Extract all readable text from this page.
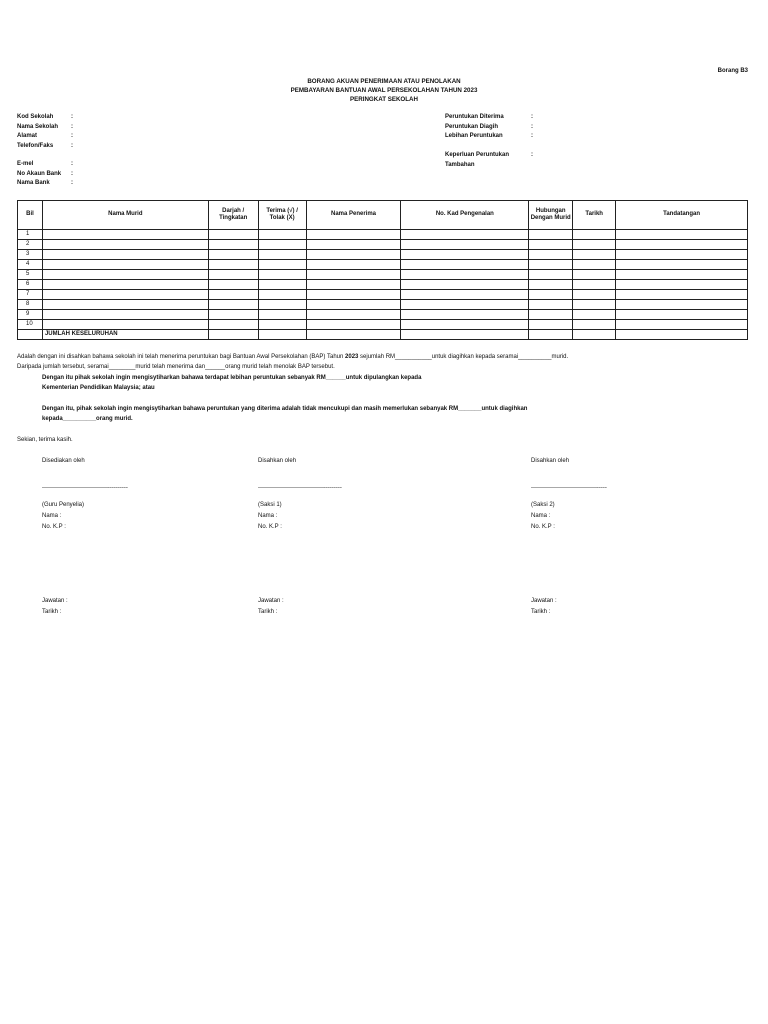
Borang B3
BORANG AKUAN PENERIMAAN ATAU PENOLAKAN
PEMBAYARAN BANTUAN AWAL PERSEKOLAHAN TAHUN 2023
PERINGKAT SEKOLAH
Kod Sekolah	:
Nama Sekolah	:
Alamat	:
Telefon/Faks	:
E-mel	:
No Akaun Bank	:
Nama Bank	:
Peruntukan Diterima	:
Peruntukan Diagih	:
Lebihan Peruntukan	:
Keperluan Peruntukan	:
Tambahan
Bil	Nama Murid	Darjah / Tingkatan	Terima (√) / Tolak (X)	Nama Penerima	No. Kad Pengenalan	Hubungan Dengan Murid	Tarikh	Tandatangan
1								
2								
3								
4								
5								
6								
7								
8								
9								
10								
	JUMLAH KESELURUHAN							
Adalah dengan ini disahkan bahawa sekolah ini telah menerima peruntukan bagi Bantuan Awal Persekolahan (BAP) Tahun 2023 sejumlah RM___________untuk diagihkan kepada seramai__________murid.
Daripada jumlah tersebut, seramai________murid telah menerima dan______orang murid telah menolak BAP tersebut.
Dengan itu pihak sekolah ingin mengisytiharkan bahawa terdapat lebihan peruntukan sebanyak RM______untuk dipulangkan kepada
Kementerian Pendidikan Malaysia; atau
Dengan itu, pihak sekolah ingin mengisytiharkan bahawa peruntukan yang diterima adalah tidak mencukupi dan masih memerlukan sebanyak RM_______untuk diagihkan
kepada__________orang murid.
Sekian, terima kasih.
Disediakan oleh
-------------------------------------------
(Guru Penyelia)
Nama :
No. K.P :
Jawatan :
Tarikh :
Disahkan oleh
------------------------------------------
(Saksi 1)
Nama :
No. K.P :
Jawatan :
Tarikh :
Disahkan oleh
--------------------------------------
(Saksi 2)
Nama :
No. K.P :
Jawatan :
Tarikh :
